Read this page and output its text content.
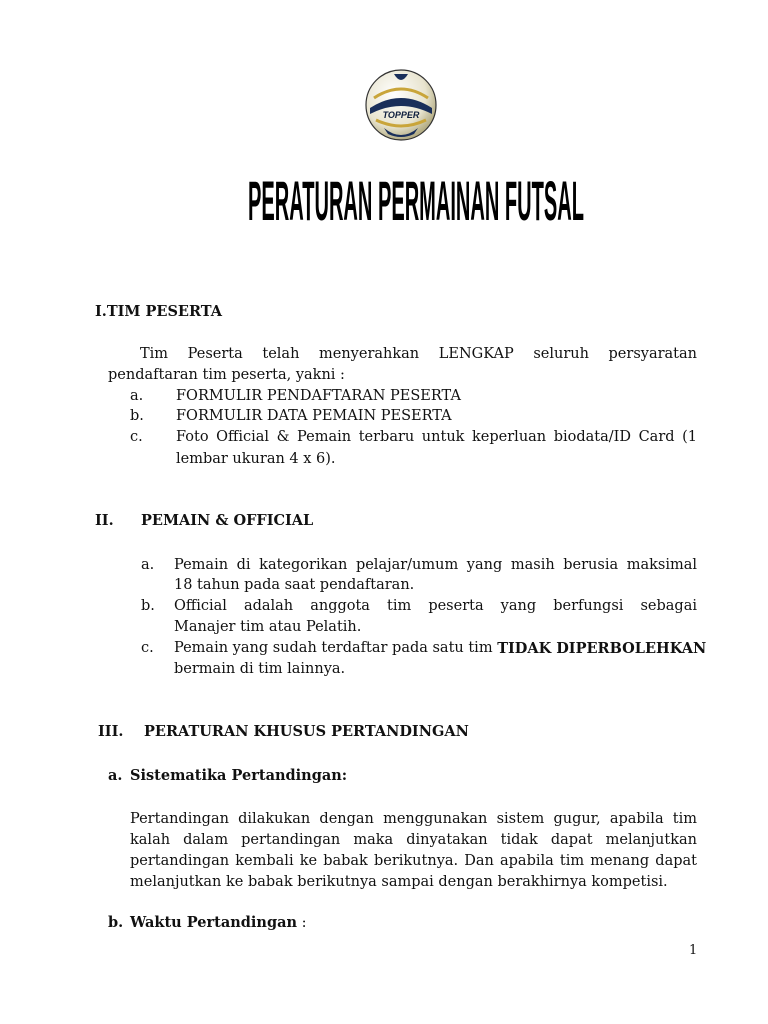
TOPPER
PERATURAN PERMAINAN FUTSAL
I.TIM PESERTA
Tim Peserta telah menyerahkan LENGKAP seluruh persyaratan
pendaftaran tim peserta, yakni :
a. FORMULIR PENDAFTARAN PESERTA
b. FORMULIR DATA PEMAIN PESERTA
c. Foto Official & Pemain terbaru untuk keperluan biodata/ID Card (1
lembar ukuran 4 x 6).
II. PEMAIN & OFFICIAL
a. Pemain di kategorikan pelajar/umum yang masih berusia maksimal
18 tahun pada saat pendaftaran.
b. Official adalah anggota tim peserta yang berfungsi sebagai
Manajer tim atau Pelatih.
c. Pemain yang sudah terdaftar pada satu tim TIDAK DIPERBOLEHKAN
bermain di tim lainnya.
III. PERATURAN KHUSUS PERTANDINGAN
a. Sistematika Pertandingan:
Pertandingan dilakukan dengan menggunakan sistem gugur, apabila tim
kalah dalam pertandingan maka dinyatakan tidak dapat melanjutkan
pertandingan kembali ke babak berikutnya. Dan apabila tim menang dapat
melanjutkan ke babak berikutnya sampai dengan berakhirnya kompetisi.
b. Waktu Pertandingan :
1
